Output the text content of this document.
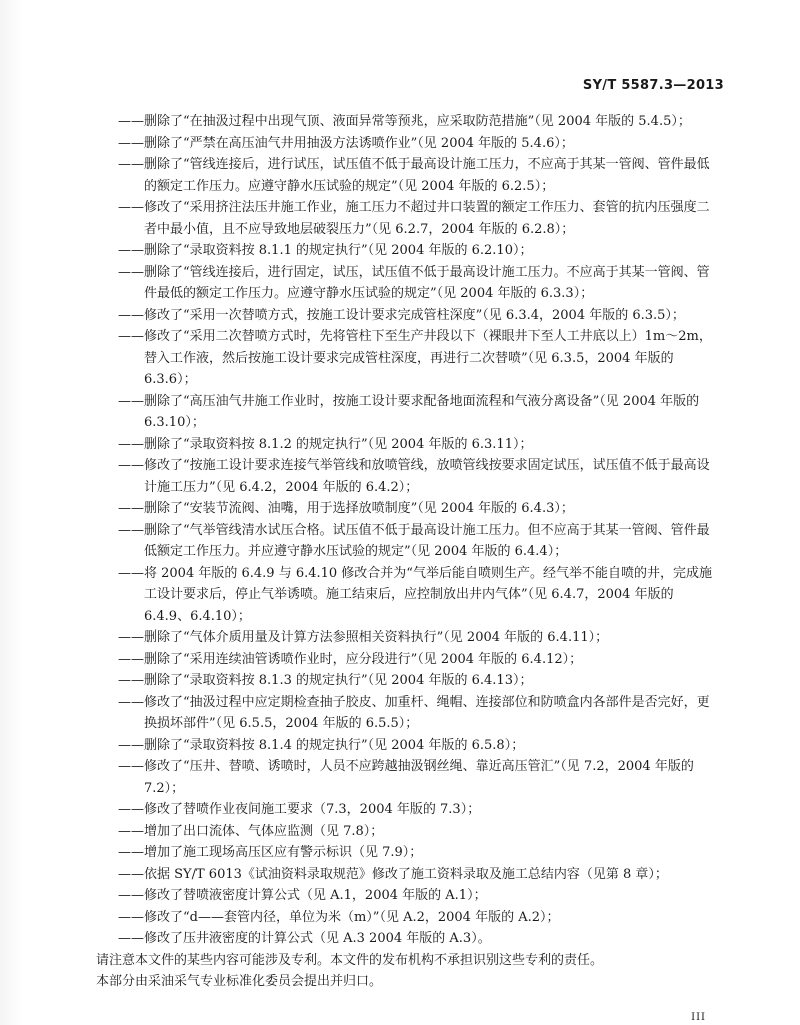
SY/T 5587.3—2013

——删除了“在抽汲过程中出现气顶、液面异常等预兆，应采取防范措施”（见 2004 年版的 5.4.5）；

——删除了“严禁在高压油气井用抽汲方法诱喷作业”（见 2004 年版的 5.4.6）；

——删除了“管线连接后，进行试压，试压值不低于最高设计施工压力，不应高于其某一管阀、管件最低的额定工作压力。应遵守静水压试验的规定”（见 2004 年版的 6.2.5）；

——修改了“采用挤注法压井施工作业，施工压力不超过井口装置的额定工作压力、套管的抗内压强度二者中最小值，且不应导致地层破裂压力”（见 6.2.7，2004 年版的 6.2.8）；

——删除了“录取资料按 8.1.1 的规定执行”（见 2004 年版的 6.2.10）；

——删除了“管线连接后，进行固定，试压，试压值不低于最高设计施工压力。不应高于其某一管阀、管件最低的额定工作压力。应遵守静水压试验的规定”（见 2004 年版的 6.3.3）；

——修改了“采用一次替喷方式，按施工设计要求完成管柱深度”（见 6.3.4，2004 年版的 6.3.5）；

——修改了“采用二次替喷方式时，先将管柱下至生产井段以下（裸眼井下至人工井底以上）1m～2m，替入工作液，然后按施工设计要求完成管柱深度，再进行二次替喷”（见 6.3.5，2004 年版的 6.3.6）；

——删除了“高压油气井施工作业时，按施工设计要求配备地面流程和气液分离设备”（见 2004 年版的 6.3.10）；

——删除了“录取资料按 8.1.2 的规定执行”（见 2004 年版的 6.3.11）；

——修改了“按施工设计要求连接气举管线和放喷管线，放喷管线按要求固定试压，试压值不低于最高设计施工压力”（见 6.4.2，2004 年版的 6.4.2）；

——删除了“安装节流阀、油嘴，用于选择放喷制度”（见 2004 年版的 6.4.3）；

——删除了“气举管线清水试压合格。试压值不低于最高设计施工压力。但不应高于其某一管阀、管件最低额定工作压力。并应遵守静水压试验的规定”（见 2004 年版的 6.4.4）；

——将 2004 年版的 6.4.9 与 6.4.10 修改合并为“气举后能自喷则生产。经气举不能自喷的井，完成施工设计要求后，停止气举诱喷。施工结束后，应控制放出井内气体”（见 6.4.7，2004 年版的 6.4.9、6.4.10）；

——删除了“气体介质用量及计算方法参照相关资料执行”（见 2004 年版的 6.4.11）；

——删除了“采用连续油管诱喷作业时，应分段进行”（见 2004 年版的 6.4.12）；

——删除了“录取资料按 8.1.3 的规定执行”（见 2004 年版的 6.4.13）；

——修改了“抽汲过程中应定期检查抽子胶皮、加重杆、绳帽、连接部位和防喷盒内各部件是否完好，更换损坏部件”（见 6.5.5，2004 年版的 6.5.5）；

——删除了“录取资料按 8.1.4 的规定执行”（见 2004 年版的 6.5.8）；

——修改了“压井、替喷、诱喷时，人员不应跨越抽汲钢丝绳、靠近高压管汇”（见 7.2，2004 年版的 7.2）；

——修改了替喷作业夜间施工要求（7.3，2004 年版的 7.3）；

——增加了出口流体、气体应监测（见 7.8）；

——增加了施工现场高压区应有警示标识（见 7.9）；

——依据 SY/T 6013《试油资料录取规范》修改了施工资料录取及施工总结内容（见第 8 章）；

——修改了替喷液密度计算公式（见 A.1，2004 年版的 A.1）；

——修改了“d——套管内径，单位为米（m）”（见 A.2，2004 年版的 A.2）；

——修改了压井液密度的计算公式（见 A.3 2004 年版的 A.3）。

请注意本文件的某些内容可能涉及专利。本文件的发布机构不承担识别这些专利的责任。

本部分由采油采气专业标准化委员会提出并归口。

III
